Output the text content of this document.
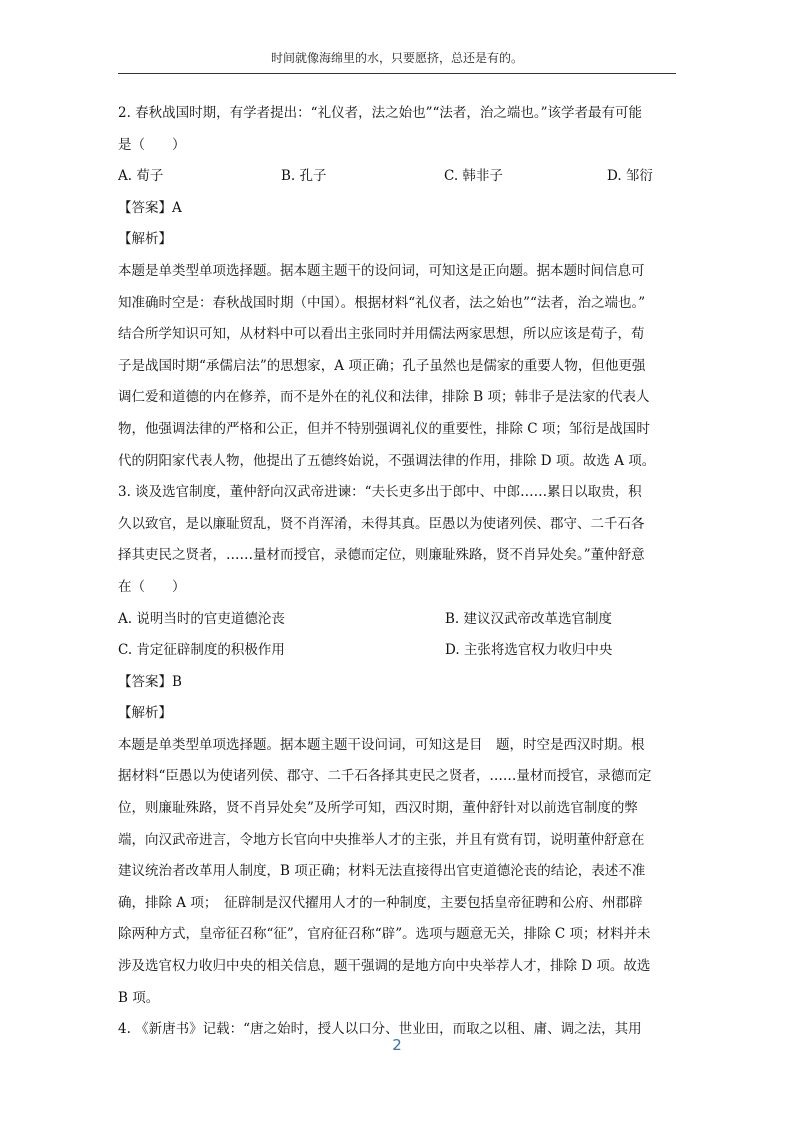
时间就像海绵里的水，只要愿挤，总还是有的。

2. 春秋战国时期，有学者提出：“礼仪者，法之始也”“法者，治之端也。”该学者最有可能

是（　　）

A. 荀子	B. 孔子	C. 韩非子	D. 邹衍

【答案】A

【解析】

本题是单类型单项选择题。据本题主题干的设问词，可知这是正向题。据本题时间信息可

知准确时空是：春秋战国时期（中国）。根据材料“礼仪者，法之始也”“法者，治之端也。”

结合所学知识可知，从材料中可以看出主张同时并用儒法两家思想，所以应该是荀子，荀

子是战国时期“承儒启法”的思想家，A 项正确；孔子虽然也是儒家的重要人物，但他更强

调仁爱和道德的内在修养，而不是外在的礼仪和法律，排除 B 项；韩非子是法家的代表人

物，他强调法律的严格和公正，但并不特别强调礼仪的重要性，排除 C 项；邹衍是战国时

代的阴阳家代表人物，他提出了五德终始说，不强调法律的作用，排除 D 项。故选 A 项。

3. 谈及选官制度，董仲舒向汉武帝进谏：“夫长吏多出于郎中、中郎……累日以取贵，积

久以致官，是以廉耻贸乱，贤不肖浑淆，未得其真。臣愚以为使诸列侯、郡守、二千石各

择其吏民之贤者，……量材而授官，录德而定位，则廉耻殊路，贤不肖异处矣。”董仲舒意

在（　　）

A. 说明当时的官吏道德沦丧	B. 建议汉武帝改革选官制度
C. 肯定征辟制度的积极作用	D. 主张将选官权力收归中央

【答案】B

【解析】

本题是单类型单项选择题。据本题主题干设问词，可知这是目　题，时空是西汉时期。根

据材料“臣愚以为使诸列侯、郡守、二千石各择其吏民之贤者，……量材而授官，录德而定

位，则廉耻殊路，贤不肖异处矣”及所学可知，西汉时期，董仲舒针对以前选官制度的弊

端，向汉武帝进言，令地方长官向中央推举人才的主张，并且有赏有罚，说明董仲舒意在

建议统治者改革用人制度，B 项正确；材料无法直接得出官吏道德沦丧的结论，表述不准

确，排除 A 项；　征辟制是汉代擢用人才的一种制度，主要包括皇帝征聘和公府、州郡辟

除两种方式，皇帝征召称“征”，官府征召称“辟”。选项与题意无关，排除 C 项；材料并未

涉及选官权力收归中央的相关信息，题干强调的是地方向中央举荐人才，排除 D 项。故选

B 项。

4. 《新唐书》记载：“唐之始时，授人以口分、世业田，而取之以租、庸、调之法，其用

2
